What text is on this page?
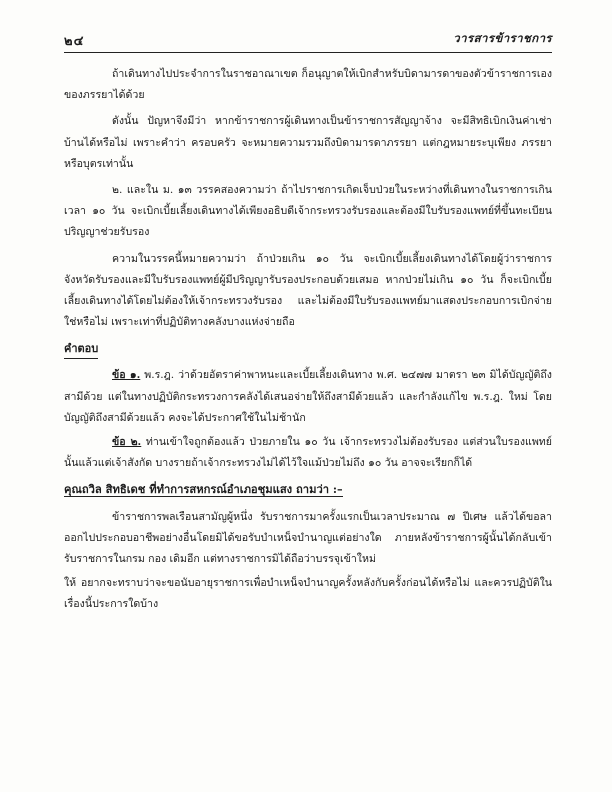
๒๔	วารสารข้าราชการ

ถ้าเดินทางไปประจำการในราชอาณาเขต ก็อนุญาตให้เบิกสำหรับบิดามารดาของตัวข้าราชการเองของภรรยาได้ด้วย

ดังนั้น ปัญหาจึงมีว่า หากข้าราชการผู้เดินทางเป็นข้าราชการสัญญาจ้าง จะมีสิทธิเบิกเงินค่าเช่าบ้านได้หรือไม่ เพราะคำว่า ครอบครัว จะหมายความรวมถึงบิดามารดาภรรยา แต่กฎหมายระบุเพียง ภรรยา หรือบุตรเท่านั้น

๒. และใน ม. ๑๓ วรรคสองความว่า ถ้าไปราชการเกิดเจ็บป่วยในระหว่างที่เดินทางในราชการเกินเวลา ๑๐ วัน จะเบิกเบี้ยเลี้ยงเดินทางได้เพียงอธิบดีเจ้ากระทรวงรับรองและต้องมีใบรับรองแพทย์ที่ขึ้นทะเบียนปริญญาช่วยรับรอง

ความในวรรคนี้หมายความว่า ถ้าป่วยเกิน ๑๐ วัน จะเบิกเบี้ยเลี้ยงเดินทางได้โดยผู้ว่าราชการจังหวัดรับรองและมีใบรับรองแพทย์ผู้มีปริญญารับรองประกอบด้วยเสมอ หากป่วยไม่เกิน ๑๐ วัน ก็จะเบิกเบี้ยเลี้ยงเดินทางได้โดยไม่ต้องให้เจ้ากระทรวงรับรอง และไม่ต้องมีใบรับรองแพทย์มาแสดงประกอบการเบิกจ่ายใช่หรือไม่ เพราะเท่าที่ปฏิบัติทางคลังบางแห่งจ่ายถือ

คำตอบ

ข้อ ๑. พ.ร.ฎ. ว่าด้วยอัตราค่าพาหนะและเบี้ยเลี้ยงเดินทาง พ.ศ. ๒๔๗๗ มาตรา ๒๓ มิได้บัญญัติถึงสามีด้วย แต่ในทางปฏิบัติกระทรวงการคลังได้เสนอจ่ายให้ถึงสามีด้วยแล้ว และกำลังแก้ไข พ.ร.ฎ. ใหม่ โดยบัญญัติถึงสามีด้วยแล้ว คงจะได้ประกาศใช้ในไม่ช้านัก

ข้อ ๒. ท่านเข้าใจถูกต้องแล้ว ป่วยภายใน ๑๐ วัน เจ้ากระทรวงไม่ต้องรับรอง แต่ส่วนใบรองแพทย์นั้นแล้วแต่เจ้าสังกัด บางรายถ้าเจ้ากระทรวงไม่ได้ไว้ใจแม้ป่วยไม่ถึง ๑๐ วัน อาจจะเรียกก็ได้

คุณถวิล สิทธิเดช ที่ทำการสหกรณ์อำเภอชุมแสง ถามว่า :–

ข้าราชการพลเรือนสามัญผู้หนึ่ง รับราชการมาครั้งแรกเป็นเวลาประมาณ ๗ ปีเศษ แล้วได้ขอลาออกไปประกอบอาชีพอย่างอื่นโดยมิได้ขอรับบำเหน็จบำนาญแต่อย่างใด ภายหลังข้าราชการผู้นั้นได้กลับเข้ารับราชการในกรม กอง เดิมอีก แต่ทางราชการมิได้ถือว่าบรรจุเข้าใหม่

ให้ อยากจะทราบว่าจะขอนับอายุราชการเพื่อบำเหน็จบำนาญครั้งหลังกับครั้งก่อนได้หรือไม่ และควรปฏิบัติในเรื่องนี้ประการใดบ้าง
